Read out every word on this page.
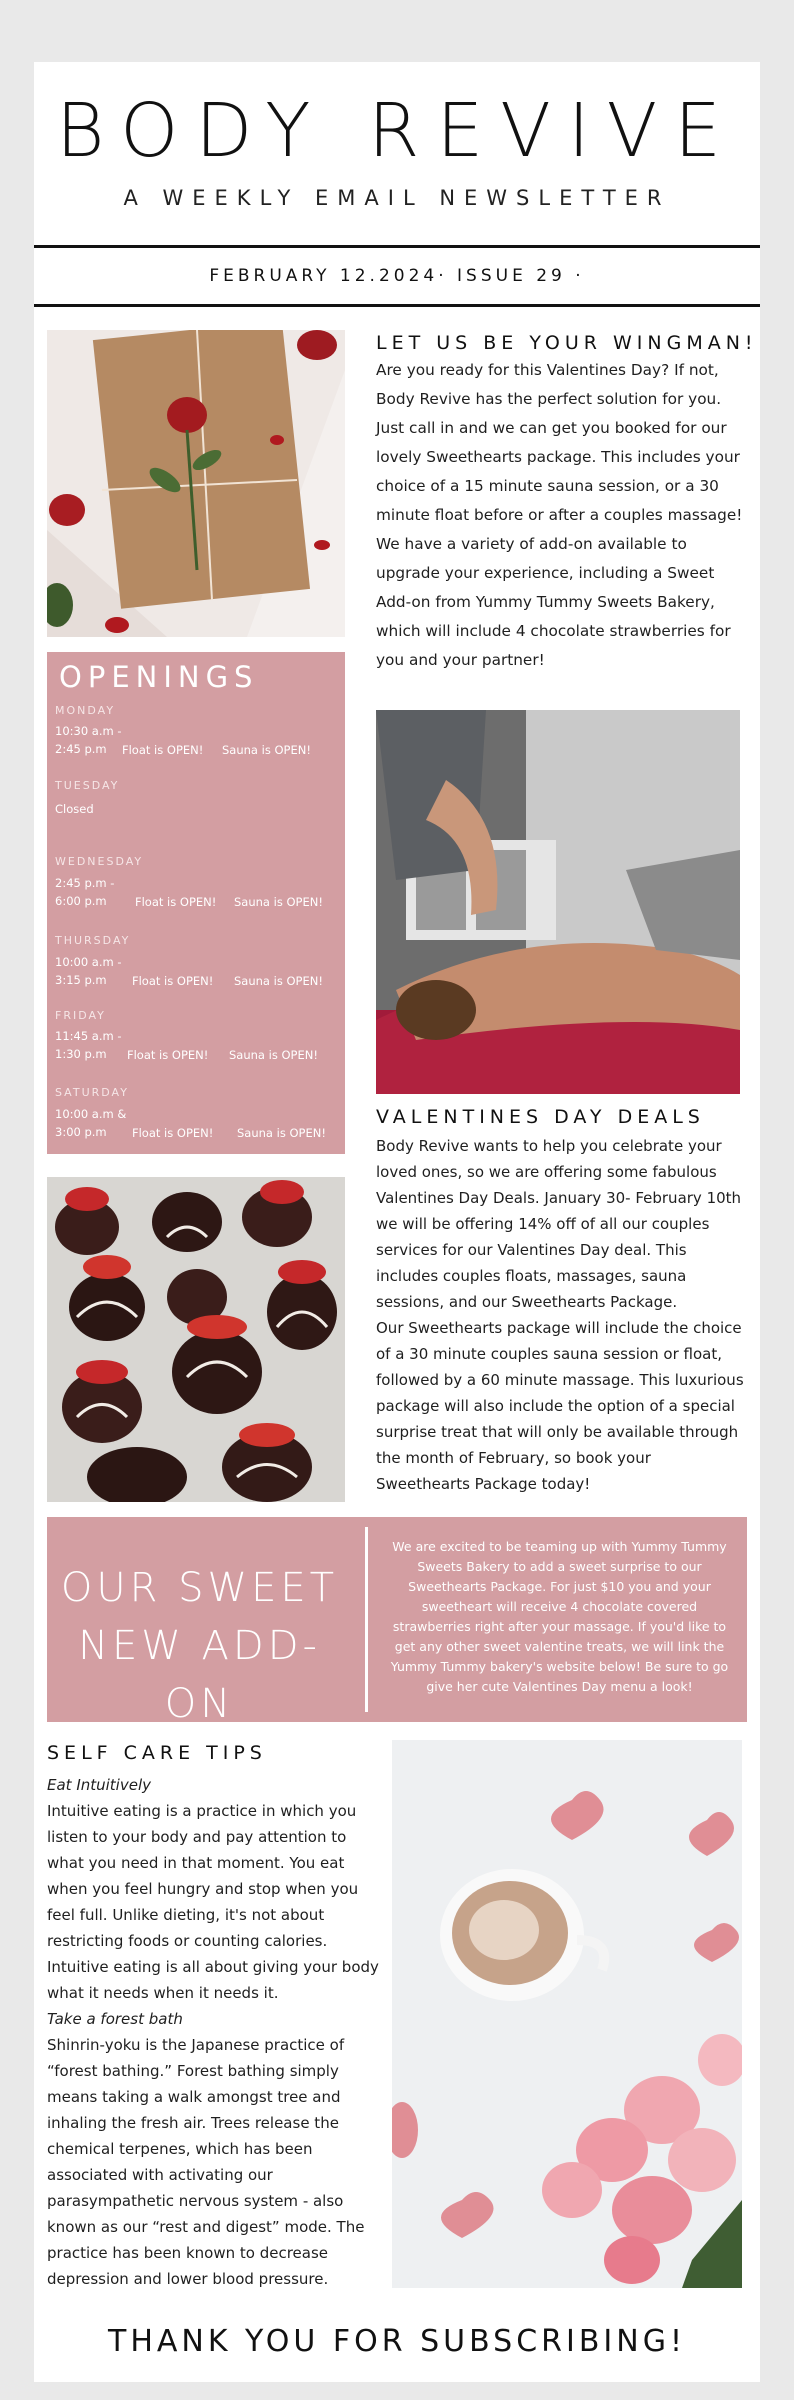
BODY REVIVE
A WEEKLY EMAIL NEWSLETTER
FEBRUARY 12.2024· ISSUE 29 ·
LET US BE YOUR WINGMAN!
Are you ready for this Valentines Day? If not, Body Revive has the perfect solution for you. Just call in and we can get you booked for our lovely Sweethearts package. This includes your choice of a 15 minute sauna session, or a 30 minute float before or after a couples massage! We have a variety of add-on available to upgrade your experience, including a Sweet Add-on from Yummy Tummy Sweets Bakery, which will include 4 chocolate strawberries for you and your partner!
OPENINGS
MONDAY
10:30 a.m -
2:45 p.m Float is OPEN! Sauna is OPEN!
TUESDAY
Closed
WEDNESDAY
2:45 p.m -
6:00 p.m Float is OPEN! Sauna is OPEN!
THURSDAY
10:00 a.m -
3:15 p.m Float is OPEN! Sauna is OPEN!
FRIDAY
11:45 a.m -
1:30 p.m Float is OPEN! Sauna is OPEN!
SATURDAY
10:00 a.m &
3:00 p.m Float is OPEN! Sauna is OPEN!
VALENTINES DAY DEALS
Body Revive wants to help you celebrate your loved ones, so we are offering some fabulous Valentines Day Deals. January 30- February 10th we will be offering 14% off of all our couples services for our Valentines Day deal. This includes couples floats, massages, sauna sessions, and our Sweethearts Package.
Our Sweethearts package will include the choice of a 30 minute couples sauna session or float, followed by a 60 minute massage. This luxurious package will also include the option of a special surprise treat that will only be available through the month of February, so book your Sweethearts Package today!
OUR SWEET
NEW ADD-ON
We are excited to be teaming up with Yummy Tummy Sweets Bakery to add a sweet surprise to our Sweethearts Package. For just $10 you and your sweetheart will receive 4 chocolate covered strawberries right after your massage. If you'd like to get any other sweet valentine treats, we will link the Yummy Tummy bakery's website below! Be sure to go give her cute Valentines Day menu a look!
SELF CARE TIPS
Eat Intuitively
Intuitive eating is a practice in which you listen to your body and pay attention to what you need in that moment. You eat when you feel hungry and stop when you feel full. Unlike dieting, it's not about restricting foods or counting calories. Intuitive eating is all about giving your body what it needs when it needs it.
Take a forest bath
Shinrin-yoku is the Japanese practice of “forest bathing.” Forest bathing simply means taking a walk amongst tree and inhaling the fresh air. Trees release the chemical terpenes, which has been associated with activating our parasympathetic nervous system - also known as our “rest and digest” mode. The practice has been known to decrease depression and lower blood pressure.
THANK YOU FOR SUBSCRIBING!
